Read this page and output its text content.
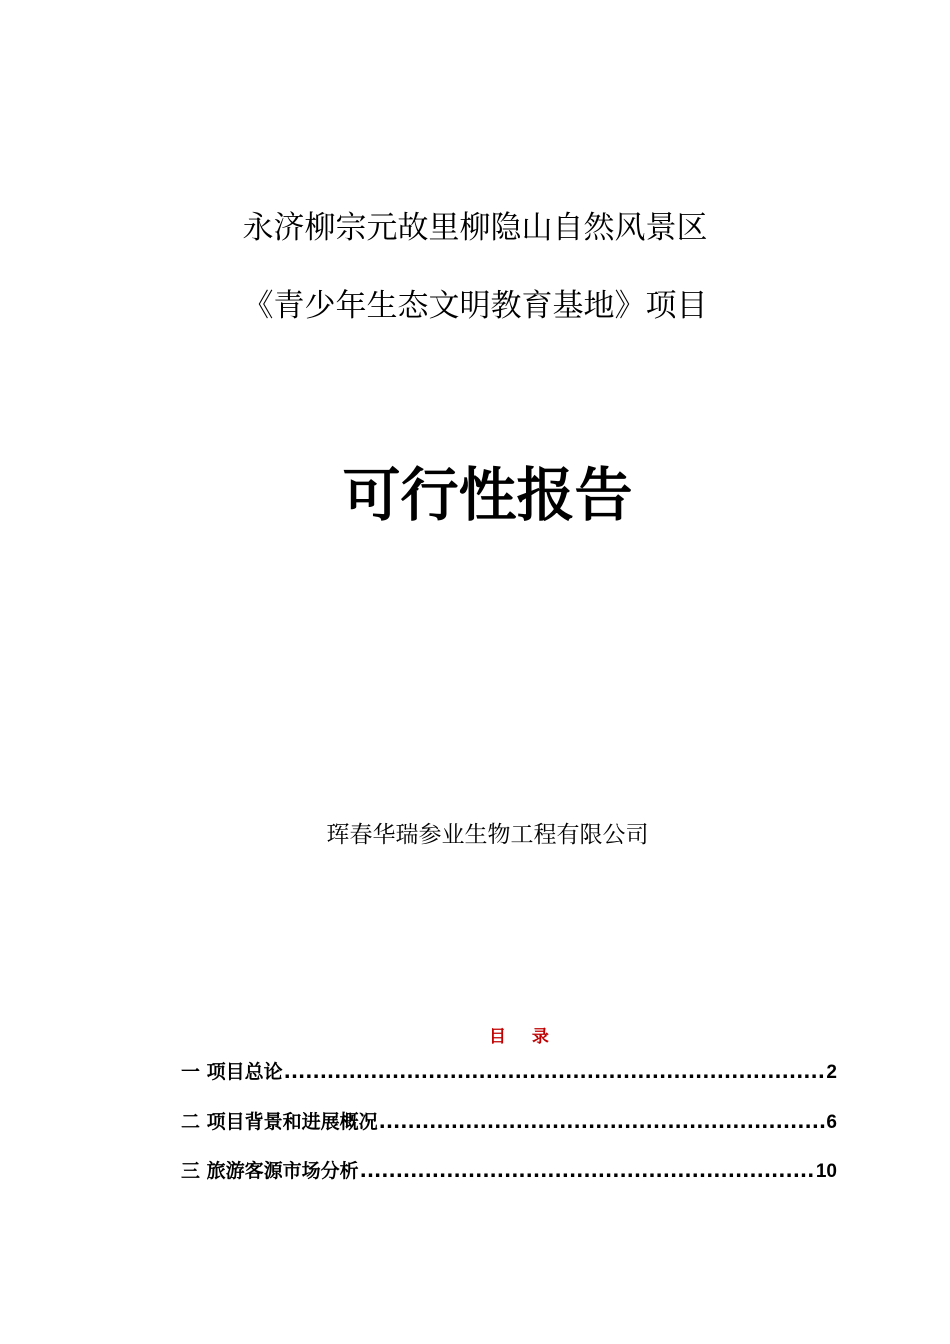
永济柳宗元故里柳隐山自然风景区
《青少年生态文明教育基地》项目
可行性报告
珲春华瑞参业生物工程有限公司
目 录
一 项目总论 .....	2
二 项目背景和进展概况 .....	6
三 旅游客源市场分析 .....	10
